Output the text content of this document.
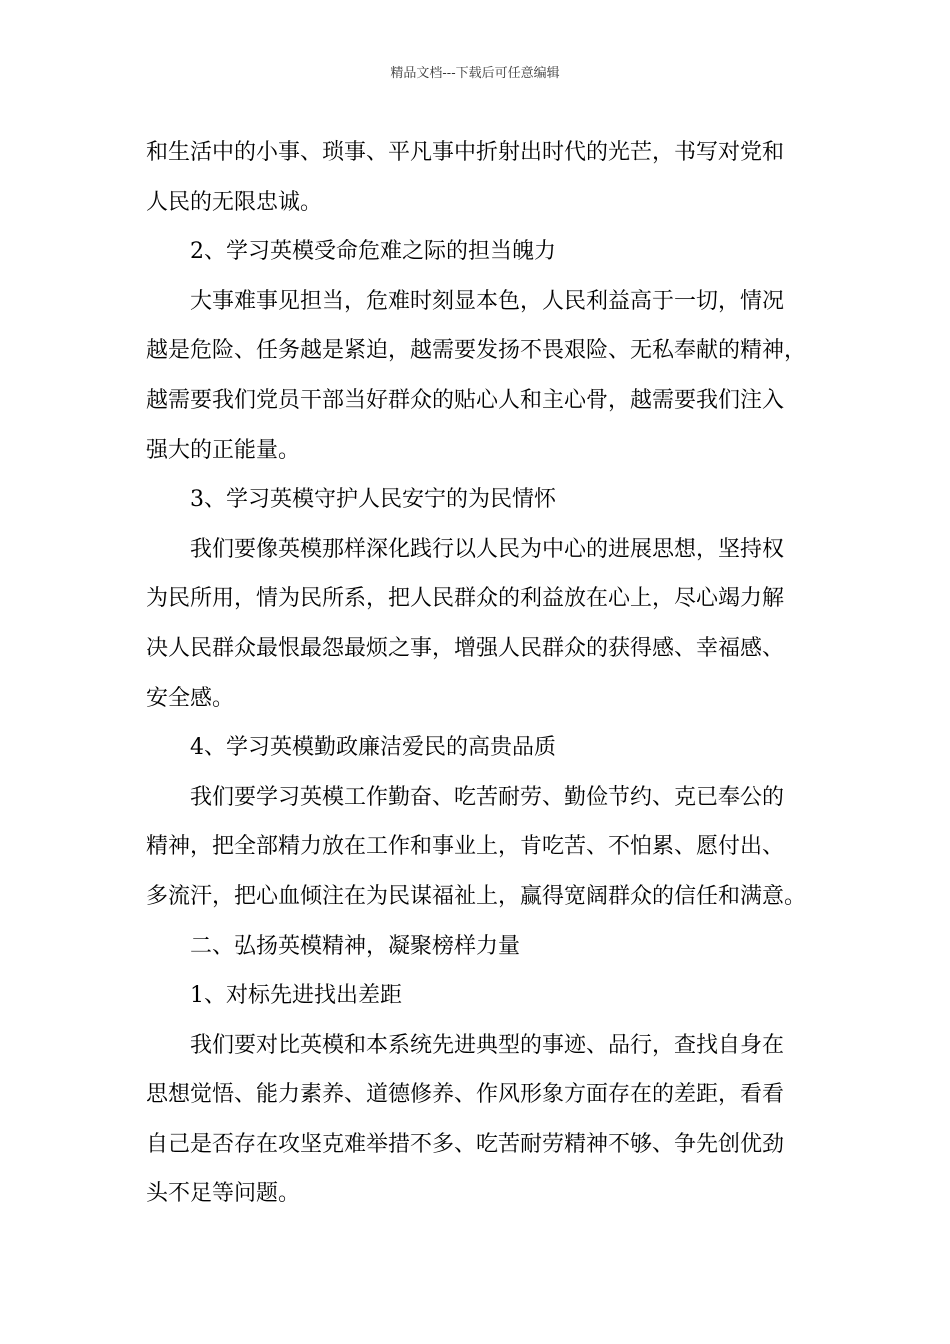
精品文档---下载后可任意编辑
和生活中的小事、琐事、平凡事中折射出时代的光芒，书写对党和
人民的无限忠诚。
2、学习英模受命危难之际的担当魄力
大事难事见担当，危难时刻显本色，人民利益高于一切，情况
越是危险、任务越是紧迫，越需要发扬不畏艰险、无私奉献的精神，
越需要我们党员干部当好群众的贴心人和主心骨，越需要我们注入
强大的正能量。
3、学习英模守护人民安宁的为民情怀
我们要像英模那样深化践行以人民为中心的进展思想，坚持权
为民所用，情为民所系，把人民群众的利益放在心上，尽心竭力解
决人民群众最恨最怨最烦之事，增强人民群众的获得感、幸福感、
安全感。
4、学习英模勤政廉洁爱民的高贵品质
我们要学习英模工作勤奋、吃苦耐劳、勤俭节约、克已奉公的
精神，把全部精力放在工作和事业上，肯吃苦、不怕累、愿付出、
多流汗，把心血倾注在为民谋福祉上，赢得宽阔群众的信任和满意。
二、弘扬英模精神，凝聚榜样力量
1、对标先进找出差距
我们要对比英模和本系统先进典型的事迹、品行，查找自身在
思想觉悟、能力素养、道德修养、作风形象方面存在的差距，看看
自己是否存在攻坚克难举措不多、吃苦耐劳精神不够、争先创优劲
头不足等问题。
